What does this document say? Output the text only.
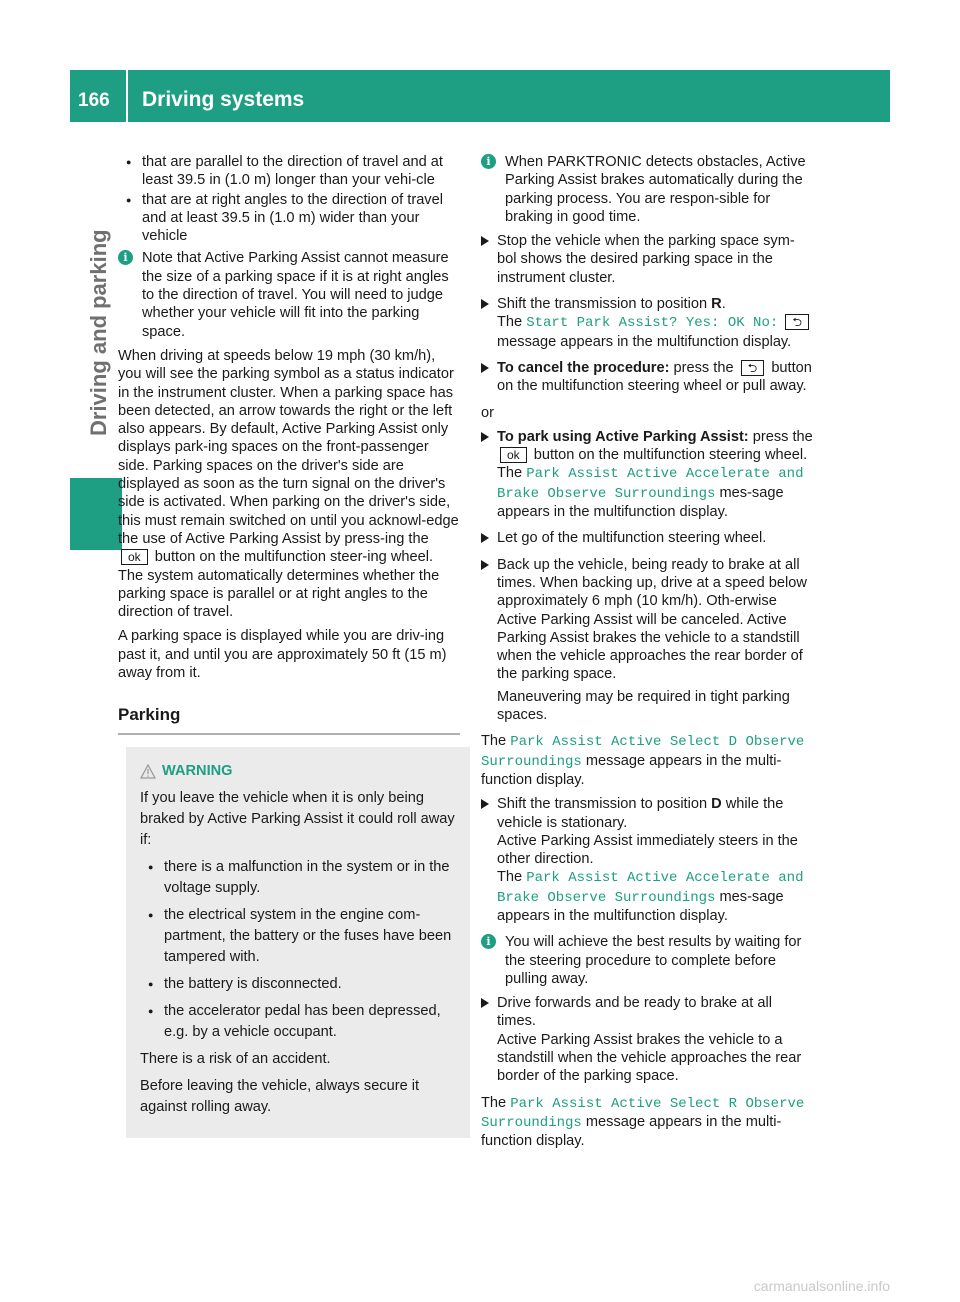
166 Driving systems
Driving and parking
● that are parallel to the direction of travel and at least 39.5 in (1.0 m) longer than your vehi-cle
● that are at right angles to the direction of travel and at least 39.5 in (1.0 m) wider than your vehicle
i Note that Active Parking Assist cannot measure the size of a parking space if it is at right angles to the direction of travel. You will need to judge whether your vehicle will fit into the parking space.

When driving at speeds below 19 mph (30 km/h), you will see the parking symbol as a status indicator in the instrument cluster. When a parking space has been detected, an arrow towards the right or the left also appears. By default, Active Parking Assist only displays park-ing spaces on the front-passenger side. Parking spaces on the driver's side are displayed as soon as the turn signal on the driver's side is activated. When parking on the driver's side, this must remain switched on until you acknowl-edge the use of Active Parking Assist by press-ing the ok button on the multifunction steer-ing wheel. The system automatically determines whether the parking space is parallel or at right angles to the direction of travel.

A parking space is displayed while you are driv-ing past it, and until you are approximately 50 ft (15 m) away from it.

Parking
WARNING

If you leave the vehicle when it is only being braked by Active Parking Assist it could roll away if:

● there is a malfunction in the system or in the voltage supply.
● the electrical system in the engine com-partment, the battery or the fuses have been tampered with.
● the battery is disconnected.
● the accelerator pedal has been depressed, e.g. by a vehicle occupant.

There is a risk of an accident.

Before leaving the vehicle, always secure it against rolling away.

i When PARKTRONIC detects obstacles, Active Parking Assist brakes automatically during the parking process. You are respon-sible for braking in good time.
Stop the vehicle when the parking space sym-bol shows the desired parking space in the instrument cluster.
Shift the transmission to position R.
The Start Park Assist? Yes: OK No: ⮌ message appears in the multifunction display.
To cancel the procedure: press the ⮌ button on the multifunction steering wheel or pull away.

or

To park using Active Parking Assist: press the ok button on the multifunction steering wheel.
The Park Assist Active Accelerate and Brake Observe Surroundings mes-sage appears in the multifunction display.
Let go of the multifunction steering wheel.
Back up the vehicle, being ready to brake at all times. When backing up, drive at a speed below approximately 6 mph (10 km/h). Oth-erwise Active Parking Assist will be canceled. Active Parking Assist brakes the vehicle to a standstill when the vehicle approaches the rear border of the parking space.
Maneuvering may be required in tight parking spaces.

The Park Assist Active Select D Observe Surroundings message appears in the multi-function display.

Shift the transmission to position D while the vehicle is stationary.
Active Parking Assist immediately steers in the other direction.
The Park Assist Active Accelerate and Brake Observe Surroundings mes-sage appears in the multifunction display.
i You will achieve the best results by waiting for the steering procedure to complete before pulling away.
Drive forwards and be ready to brake at all times.
Active Parking Assist brakes the vehicle to a standstill when the vehicle approaches the rear border of the parking space.

The Park Assist Active Select R Observe Surroundings message appears in the multi-function display.

carmanualsonline.info
